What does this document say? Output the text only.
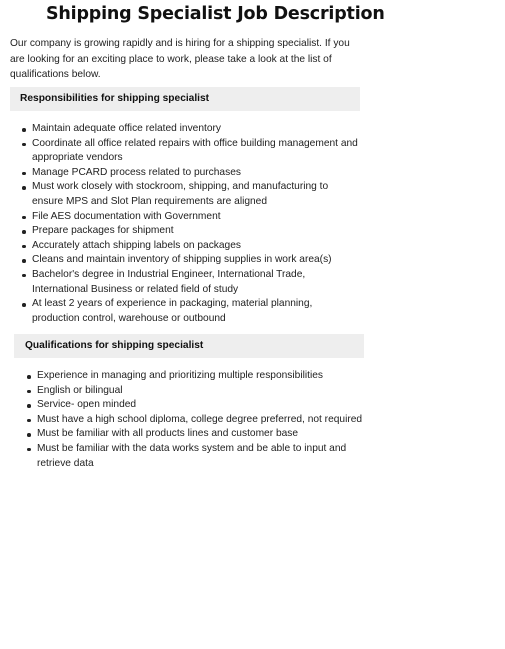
Shipping Specialist Job Description

Our company is growing rapidly and is hiring for a shipping specialist. If you are looking for an exciting place to work, please take a look at the list of qualifications below.

Responsibilities for shipping specialist
Maintain adequate office related inventory
Coordinate all office related repairs with office building management and appropriate vendors
Manage PCARD process related to purchases
Must work closely with stockroom, shipping, and manufacturing to ensure MPS and Slot Plan requirements are aligned
File AES documentation with Government
Prepare packages for shipment
Accurately attach shipping labels on packages
Cleans and maintain inventory of shipping supplies in work area(s)
Bachelor's degree in Industrial Engineer, International Trade, International Business or related field of study
At least 2 years of experience in packaging, material planning, production control, warehouse or outbound
Qualifications for shipping specialist
Experience in managing and prioritizing multiple responsibilities
English or bilingual
Service- open minded
Must have a high school diploma, college degree preferred, not required
Must be familiar with all products lines and customer base
Must be familiar with the data works system and be able to input and retrieve data
